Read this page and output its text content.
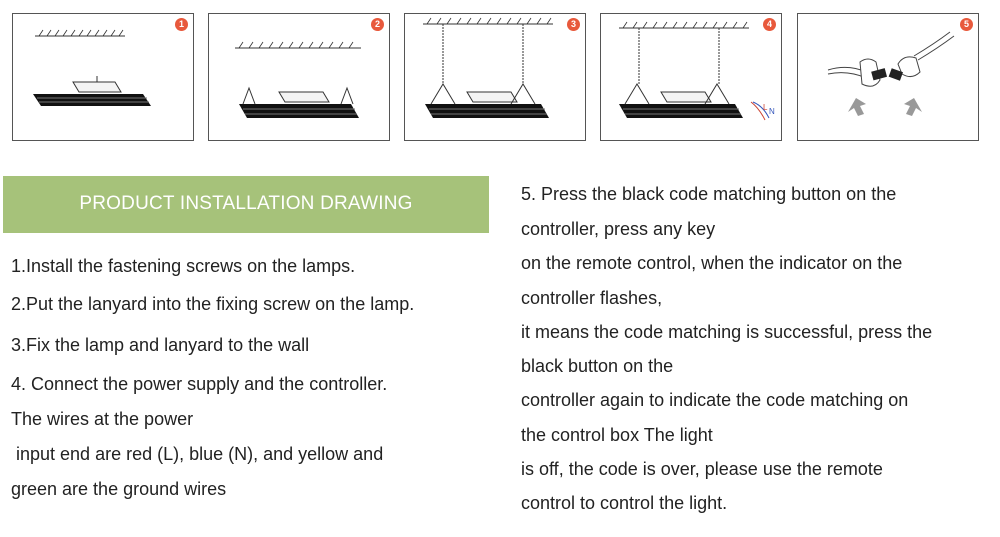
1	2	3
L N
4	5
PRODUCT INSTALLATION DRAWING
1.Install the fastening screws on the lamps.
2.Put the lanyard into the fixing screw on the lamp.
3.Fix the lamp and lanyard to the wall
4. Connect the power supply and the controller.
The wires at the power
input end are red (L), blue (N), and yellow and
green are the ground wires
5. Press the black code matching button on the
controller, press any key
on the remote control, when the indicator on the
controller flashes,
it means the code matching is successful, press the
black button on the
controller again to indicate the code matching on
the control box The light
is off, the code is over, please use the remote
control to control the light.
